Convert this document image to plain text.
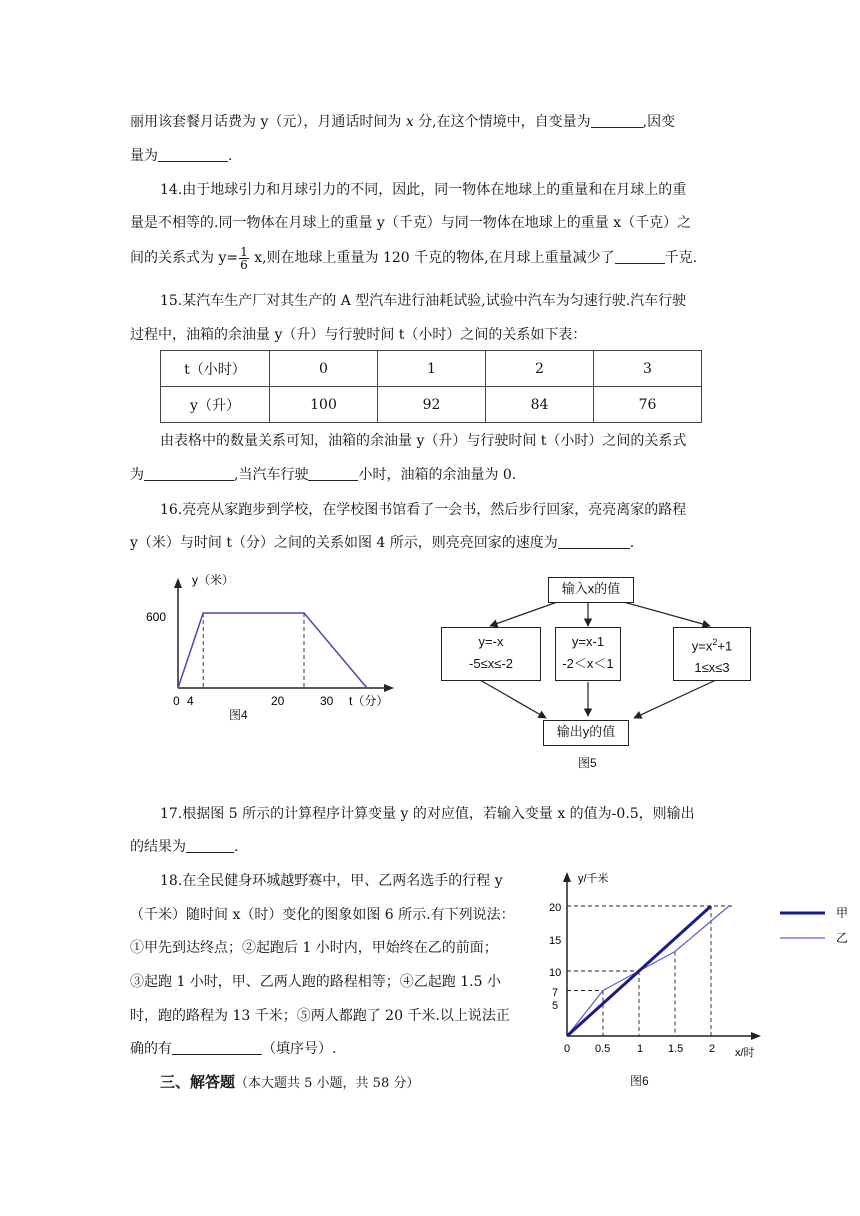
丽用该套餐月话费为 y（元），月通话时间为 x 分,在这个情境中，自变量为	,因变
量为	.
14.由于地球引力和月球引力的不同，因此，同一物体在地球上的重量和在月球上的重
量是不相等的.同一物体在月球上的重量 y（千克）与同一物体在地球上的重量 x（千克）之
间的关系式为 $y= \frac{1}{6} x$,则在地球上重量为 120 千克的物体,在月球上重量减少了	千克.
15.某汽车生产厂对其生产的 A 型汽车进行油耗试验,试验中汽车为匀速行驶.汽车行驶
过程中，油箱的余油量 y（升）与行驶时间 t（小时）之间的关系如下表：
t（小时）	0	1	2	3
y（升）	100	92	84	76
由表格中的数量关系可知，油箱的余油量 y（升）与行驶时间 t（小时）之间的关系式
为	,当汽车行驶	小时，油箱的余油量为 0.
16.亮亮从家跑步到学校，在学校图书馆看了一会书，然后步行回家，亮亮离家的路程
y（米）与时间 t（分）之间的关系如图 4 所示，则亮亮回家的速度为	.
y（米）
600
0 4	20	30 t（分）
图4
输入x的值
y=-x
-5≤x≤-2
y=x-1
-2＜x＜1
$y=x^2+1$
1≤x≤3
输出y的值
图5
17.根据图 5 所示的计算程序计算变量 y 的对应值，若输入变量 x 的值为-0.5，则输出
的结果为	.
18.在全民健身环城越野赛中，甲、乙两名选手的行程 y
（千米）随时间 x（时）变化的图象如图 6 所示.有下列说法：
①甲先到达终点；②起跑后 1 小时内，甲始终在乙的前面；
③起跑 1 小时，甲、乙两人跑的路程相等；④乙起跑 1.5 小
时，跑的路程为 13 千米；⑤两人都跑了 20 千米.以上说法正
确的有	（填序号）.
y/千米
20
15
10
7
5
0 0.5 1 1.5 2 x/时
甲
乙
图6
三、解答题（本大题共 5 小题，共 58 分）
